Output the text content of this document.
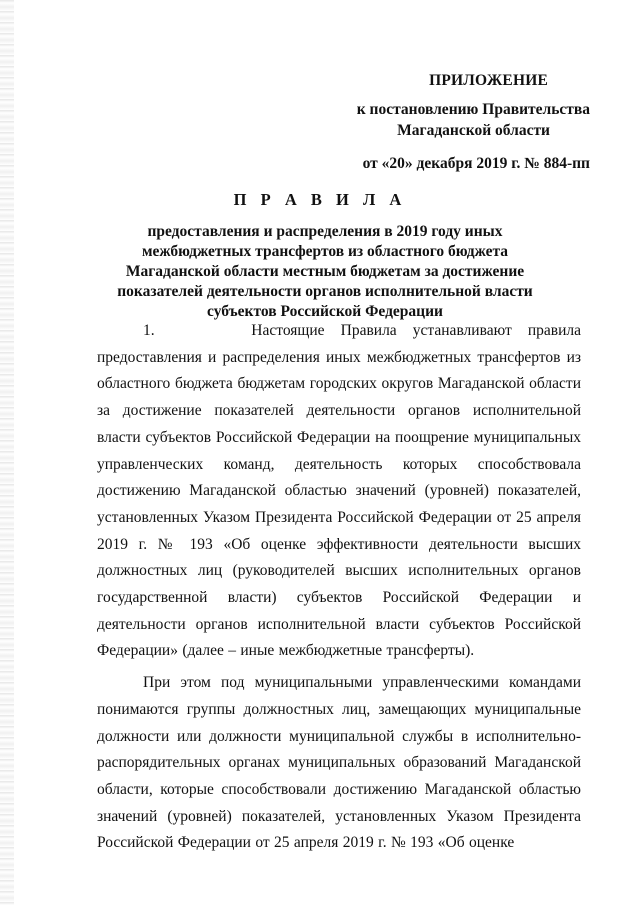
ПРИЛОЖЕНИЕ
к постановлению Правительства
Магаданской области
от «20» декабря 2019 г. № 884-пп
П Р А В И Л А
предоставления и распределения в 2019 году иных межбюджетных трансфертов из областного бюджета Магаданской области местным бюджетам за достижение показателей деятельности органов исполнительной власти субъектов Российской Федерации

1.      Настоящие Правила устанавливают правила предоставления и распределения иных межбюджетных трансфертов из областного бюджета бюджетам городских округов Магаданской области за достижение показателей деятельности органов исполнительной власти субъектов Российской Федерации на поощрение муниципальных управленческих команд, деятельность которых способствовала достижению Магаданской областью значений (уровней) показателей, установленных Указом Президента Российской Федерации от 25 апреля 2019 г. № 193 «Об оценке эффективности деятельности высших должностных лиц (руководителей высших исполнительных органов государственной власти) субъектов Российской Федерации и деятельности органов исполнительной власти субъектов Российской Федерации» (далее – иные межбюджетные трансферты).

При этом под муниципальными управленческими командами понимаются группы должностных лиц, замещающих муниципальные должности или должности муниципальной службы в исполнительно-распорядительных органах муниципальных образований Магаданской области, которые способствовали достижению Магаданской областью значений (уровней) показателей, установленных Указом Президента Российской Федерации от 25 апреля 2019 г. № 193 «Об оценке
